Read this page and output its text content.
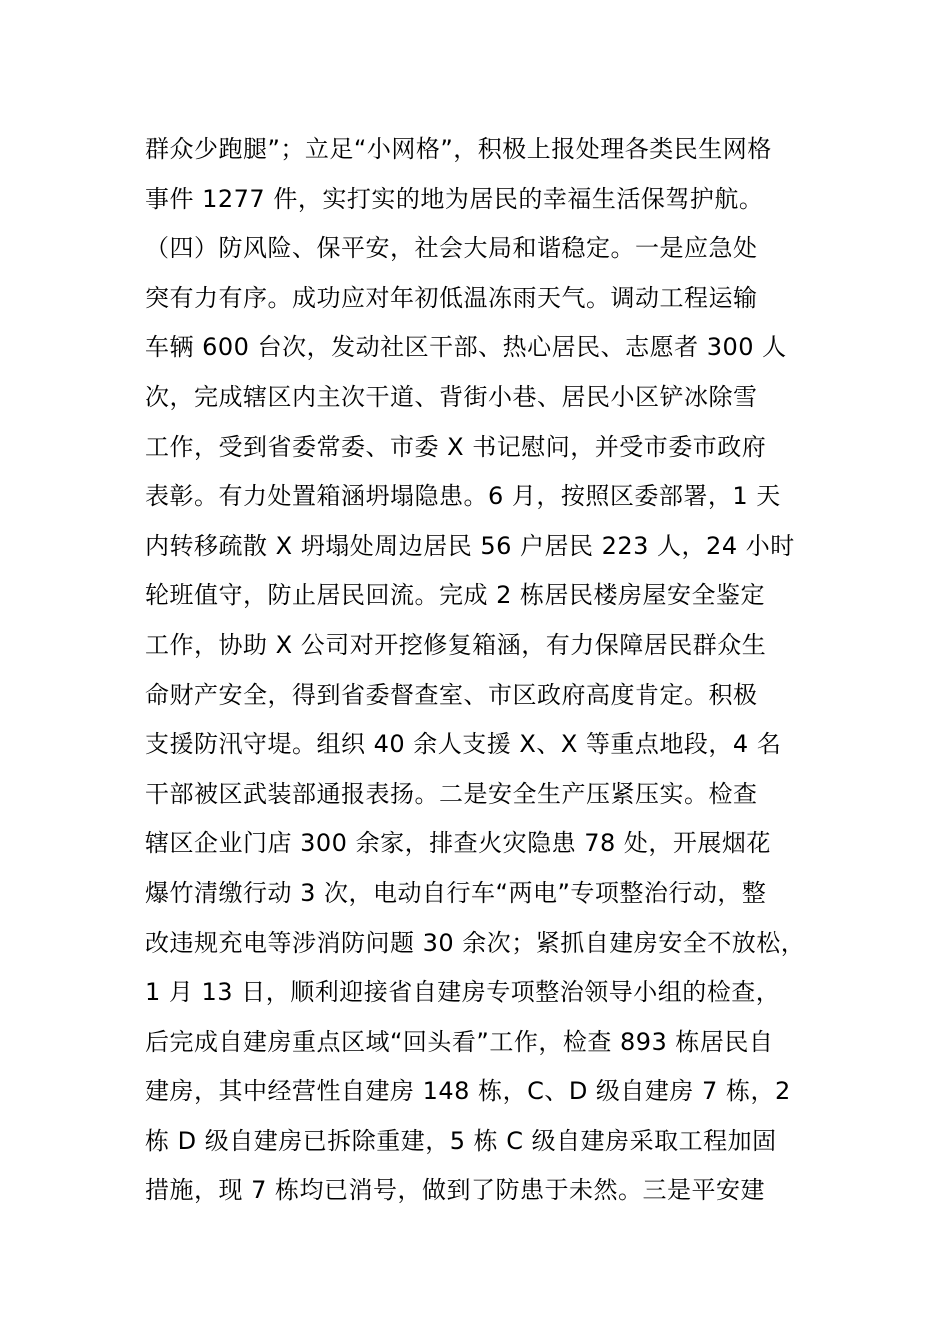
群众少跑腿”；立足“小网格”，积极上报处理各类民生网格
事件 1277 件，实打实的地为居民的幸福生活保驾护航。
（四）防风险、保平安，社会大局和谐稳定。一是应急处
突有力有序。成功应对年初低温冻雨天气。调动工程运输
车辆 600 台次，发动社区干部、热心居民、志愿者 300 人
次，完成辖区内主次干道、背街小巷、居民小区铲冰除雪
工作，受到省委常委、市委 X 书记慰问，并受市委市政府
表彰。有力处置箱涵坍塌隐患。6 月，按照区委部署，1 天
内转移疏散 X 坍塌处周边居民 56 户居民 223 人，24 小时
轮班值守，防止居民回流。完成 2 栋居民楼房屋安全鉴定
工作，协助 X 公司对开挖修复箱涵，有力保障居民群众生
命财产安全，得到省委督查室、市区政府高度肯定。积极
支援防汛守堤。组织 40 余人支援 X、X 等重点地段，4 名
干部被区武装部通报表扬。二是安全生产压紧压实。检查
辖区企业门店 300 余家，排查火灾隐患 78 处，开展烟花
爆竹清缴行动 3 次，电动自行车“两电”专项整治行动，整
改违规充电等涉消防问题 30 余次；紧抓自建房安全不放松，
1 月 13 日，顺利迎接省自建房专项整治领导小组的检查，
后完成自建房重点区域“回头看”工作，检查 893 栋居民自
建房，其中经营性自建房 148 栋，C、D 级自建房 7 栋，2
栋 D 级自建房已拆除重建，5 栋 C 级自建房采取工程加固
措施，现 7 栋均已消号，做到了防患于未然。三是平安建
